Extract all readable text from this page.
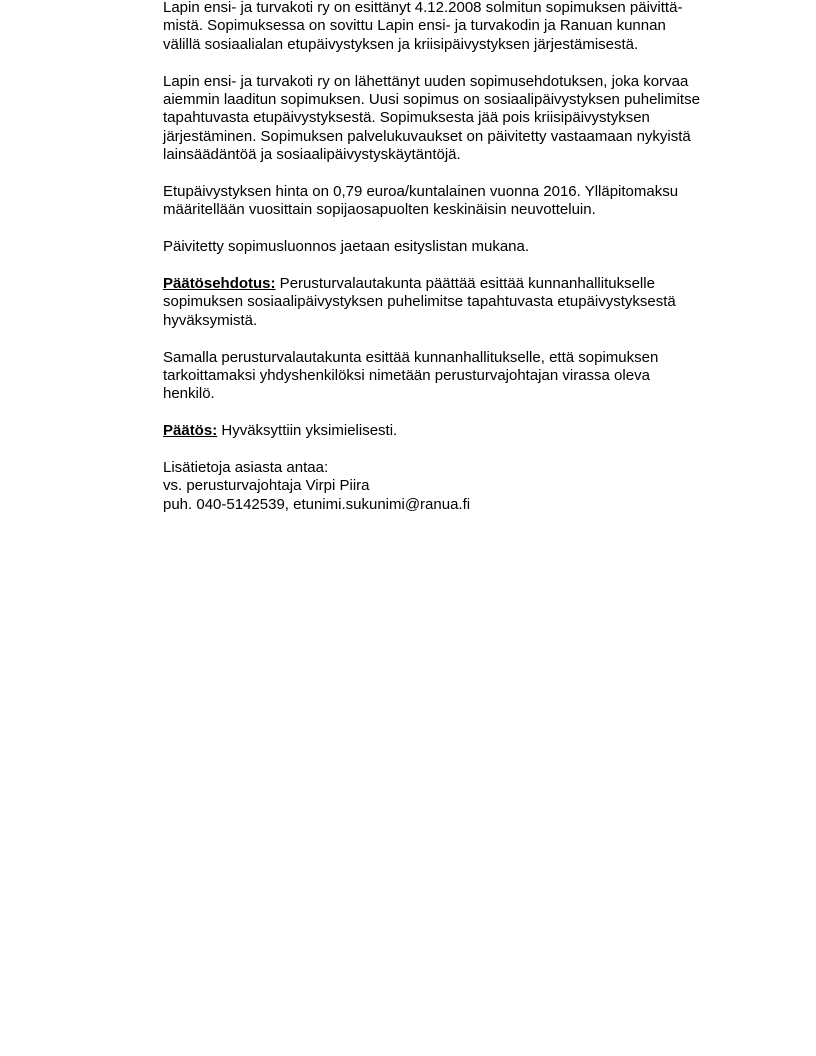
Lapin ensi- ja turvakoti ry on esittänyt 4.12.2008 solmitun sopimuksen päivittä-
mistä. Sopimuksessa on sovittu Lapin ensi- ja turvakodin ja Ranuan kunnan
välillä sosiaalialan etupäivystyksen ja kriisipäivystyksen järjestämisestä.

Lapin ensi- ja turvakoti ry on lähettänyt uuden sopimusehdotuksen, joka korvaa
aiemmin laaditun sopimuksen. Uusi sopimus on sosiaalipäivystyksen puhelimitse
tapahtuvasta etupäivystyksestä. Sopimuksesta jää pois kriisipäivystyksen
järjestäminen. Sopimuksen palvelukuvaukset on päivitetty vastaamaan nykyistä
lainsäädäntöä ja sosiaalipäivystyskäytäntöjä.

Etupäivystyksen hinta on 0,79 euroa/kuntalainen vuonna 2016. Ylläpitomaksu
määritellään vuosittain sopijaosapuolten keskinäisin neuvotteluin.

Päivitetty sopimusluonnos jaetaan esityslistan mukana.

Päätösehdotus: Perusturvalautakunta päättää esittää kunnanhallitukselle
sopimuksen sosiaalipäivystyksen puhelimitse tapahtuvasta etupäivystyksestä
hyväksymistä.

Samalla perusturvalautakunta esittää kunnanhallitukselle, että sopimuksen
tarkoittamaksi yhdyshenkilöksi nimetään perusturvajohtajan virassa oleva
henkilö.

Päätös: Hyväksyttiin yksimielisesti.

Lisätietoja asiasta antaa:
vs. perusturvajohtaja Virpi Piira
puh. 040-5142539, etunimi.sukunimi@ranua.fi
